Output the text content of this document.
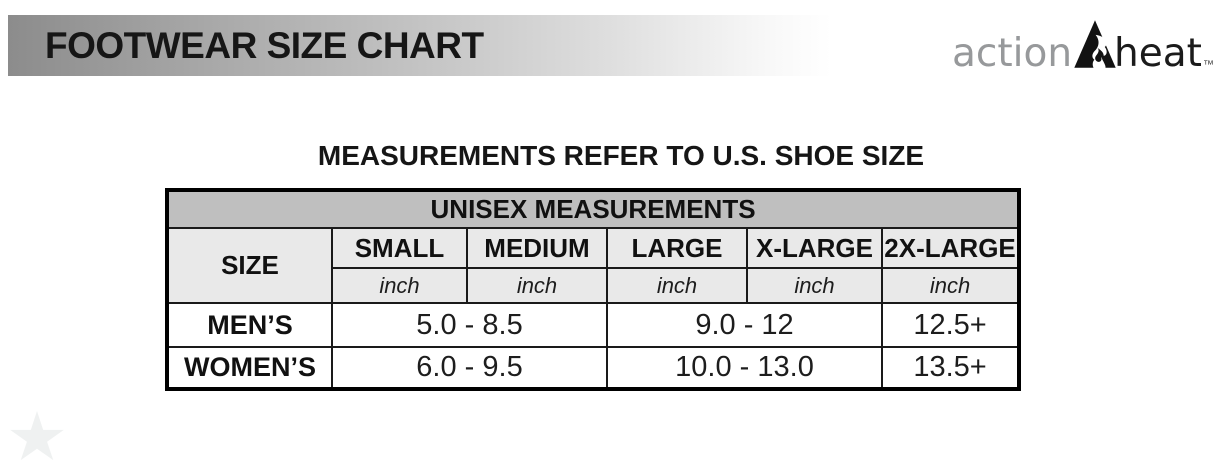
FOOTWEAR SIZE CHART	action heat ™
MEASUREMENTS REFER TO U.S. SHOE SIZE
UNISEX MEASUREMENTS					
SIZE	SMALL	MEDIUM	LARGE	X-LARGE	2X-LARGE
	inch	inch	inch	inch	inch
MEN’S	5.0 - 8.5		9.0 - 12		12.5+
WOMEN’S	6.0 - 9.5		10.0 - 13.0		13.5+
